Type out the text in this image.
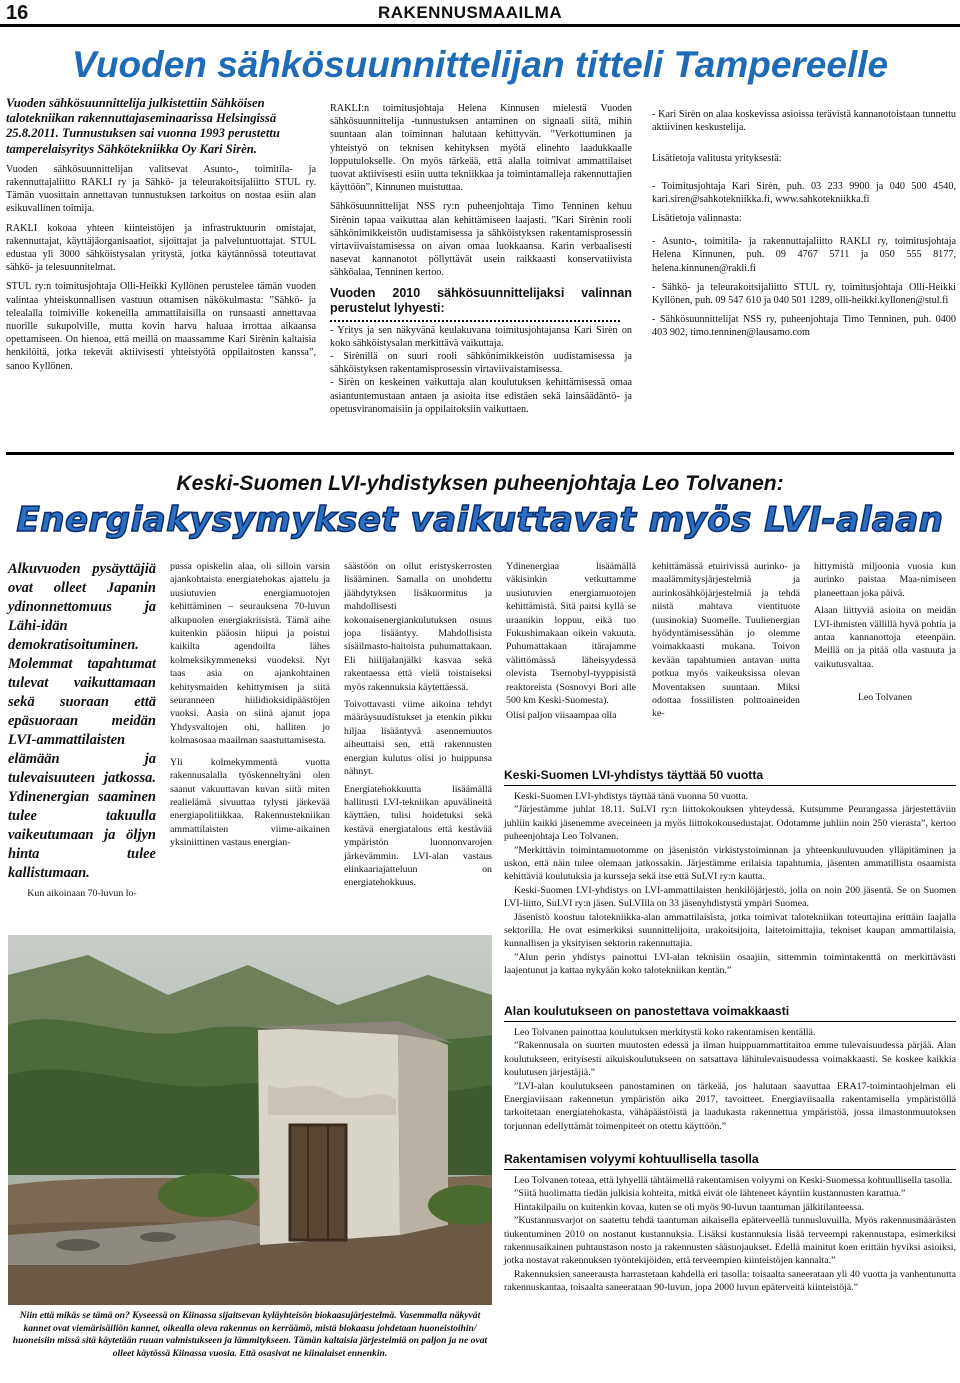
16	RAKENNUSMAAILMA
Vuoden sähkösuunnittelijan titteli Tampereelle

Vuoden sähkösuunnittelija julkistettiin Sähköisen talotekniikan rakennuttajaseminaarissa Helsingissä 25.8.2011. Tunnustuksen sai vuonna 1993 perustettu tamperelaisyritys Sähkötekniikka Oy Kari Sirèn.

Vuoden sähkösuunnittelijan valitsevat Asunto-, toimitila- ja rakennuttajaliitto RAKLI ry ja Sähkö- ja teleurakoitsijaliitto STUL ry. Tämän vuosittain annettavan tunnustuksen tarkoitus on nostaa esiin alan esikuvallinen toimija.

RAKLI kokoaa yhteen kiinteistöjen ja infrastruktuurin omistajat, rakennuttajat, käyttäjäorganisaatiot, sijoittajat ja palveluntuottajat. STUL edustaa yli 3000 sähköistysalan yritystä, jotka käytännössä toteuttavat sähkö- ja telesuunnitelmat.

STUL ry:n toimitusjohtaja Olli-Heikki Kyllönen perustelee tämän vuoden valintaa yhteiskunnallisen vastuun ottamisen näkökulmasta: ”Sähkö- ja telealalla toimiville kokeneilla ammattilaisilla on runsaasti annettavaa nuorille sukupolville, mutta kovin harva haluaa irrottaa aikaansa opettamiseen. On hienoa, että meillä on maassamme Kari Sirènin kaltaisia henkilöitä, jotka tekevät aktiivisesti yhteistyötä oppilaitosten kanssa”, sanoo Kyllönen.

RAKLI:n toimitusjohtaja Helena Kinnusen mielestä Vuoden sähkösuunnittelija -tunnustuksen antaminen on signaali siitä, mihin suuntaan alan toiminnan halutaan kehittyvän. ”Verkottuminen ja yhteistyö on teknisen kehityksen myötä elinehto laadukkaalle lopputulokselle. On myös tärkeää, että alalla toimivat ammattilaiset tuovat aktiivisesti esiin uutta tekniikkaa ja toimintamalleja rakennuttajien käyttöön”, Kinnunen muistuttaa.

Sähkösuunnittelijat NSS ry:n puheenjohtaja Timo Tenninen kehuu Sirènin tapaa vaikuttaa alan kehittämiseen laajasti. ”Kari Sirènin rooli sähkönimikkeistön uudistamisessa ja sähköistyksen rakentamisprosessin virtaviivaistamisessa on aivan omaa luokkaansa. Karin verbaalisesti nasevat kannanotot pöllyttävät usein raikkaasti konservatiivista sähköalaa, Tenninen kertoo.

Vuoden 2010 sähkösuunnittelijaksi valinnan perustelut lyhyesti:

- Yritys ja sen näkyvänä keulakuvana toimitusjohtajansa Kari Sirèn on koko sähköistysalan merkittävä vaikuttaja.

- Sirènillä on suuri rooli sähkönimikkeistön uudistamisessa ja sähköistyksen rakentamisprosessin virtaviivaistamisessa.

- Sirèn on keskeinen vaikuttaja alan koulutuksen kehittämisessä omaa asiantuntemustaan antaen ja asioita itse edistäen sekä lainsäädäntö- ja opetusviranomaisiin ja oppilaitoksiin vaikuttaen.

- Kari Sirèn on alaa koskevissa asioissa terävistä kannanotoistaan tunnettu aktiivinen keskustelija.

Lisätietoja valitusta yrityksestä:

- Toimitusjohtaja Kari Sirèn, puh. 03 233 9900 ja 040 500 4540, kari.siren@sahkotekniikka.fi, www.sahkotekniikka.fi

Lisätietoja valinnasta:

- Asunto-, toimitila- ja rakennuttajaliitto RAKLI ry, toimitusjohtaja Helena Kinnunen, puh. 09 4767 5711 ja 050 555 8177, helena.kinnunen@rakli.fi

- Sähkö- ja teleurakoitsijaliitto STUL ry, toimitusjohtaja Olli-Heikki Kyllönen, puh. 09 547 610 ja 040 501 1289, olli-heikki.kyllonen@stul.fi

- Sähkösuunnittelijat NSS ry, puheenjohtaja Timo Tenninen, puh. 0400 403 902, timo.tenninen@lausamo.com

Keski-Suomen LVI-yhdistyksen puheenjohtaja Leo Tolvanen:
Energiakysymykset vaikuttavat myös LVI-alaan

Alkuvuoden pysäyttäjiä ovat olleet Japanin ydinonnettomuus ja Lähi-idän demokratisoituminen. Molemmat tapahtumat tulevat vaikuttamaan sekä suoraan että epäsuoraan meidän LVI-ammattilaisten elämään ja tulevaisuuteen jatkossa. Ydinenergian saaminen tulee takuulla vaikeutumaan ja öljyn hinta tulee kallistumaan.

Kun aikoinaan 70-luvun lo-

pussa opiskelin alaa, oli silloin varsin ajankohtaista energiatehokas ajattelu ja uusiutuvien energiamuotojen kehittäminen – seurauksena 70-luvun alkupuolen energiakriisistä. Tämä aihe kuitenkin pääosin hiipui ja poistui kaikilta agendoilta lähes kolmeksikymmeneksi vuodeksi. Nyt taas asia on ajankohtainen kehitysmaiden kehittymisen ja siitä seuranneen hiilidioksidipäästöjen vuoksi. Aasia on siinä ajanut jopa Yhdysvaltojen ohi, halliten jo kolmasosaa maailman saastuttamisesta.

Yli kolmekymmentä vuotta rakennusalalla työskenneltyäni olen saanut vakuuttavan kuvan siitä miten realielämä sivuuttaa tylysti järkevää energiapolitiikkaa. Rakennustekniikan ammattilaisten viime-aikainen yksiniittinen vastaus energian-

säästöön on ollut eristyskerrosten lisääminen. Samalla on unohdettu jäähdytyksen lisäkuormitus ja mahdollisesti kokonaisenergiankulutuksen osuus jopa lisääntyy. Mahdollisista sisäilmasto-haitoista puhumattakaan. Eli hiilijalanjälki kasvaa sekä rakentaessa että vielä toistaiseksi myös rakennuksia käytettäessä.

Toivottavasti viime aikoina tehdyt määräysuudistukset ja etenkin pikku hiljaa lisääntyvä asennemuutos aiheuttaisi sen, että rakennusten energian kulutus olisi jo huippunsa nähnyt.

Energiatehokkuutta lisäämällä hallitusti LVI-tekniikan apuvälineitä käyttäen, tulisi hoidetuksi sekä kestävä energiatalous että kestävää ympäristön luonnonvarojen järkevämmin. LVI-alan vastaus elinkaariajatteluun on energiatehokkuus.

Ydinenergiaa lisäämällä väkisinkin vetkuttamme uusiutuvien energiamuotojen kehittämistä. Sitä paitsi kyllä se uraanikin loppuu, eikä tuo Fukushimakaan oikein vakuuta. Puhumattakaan itärajamme välittömässä läheisyydessä olevista Tsernobyl-tyyppisistä reaktoreista (Sosnovyi Bori alle 500 km Keski-Suomesta).

Olisi paljon viisaampaa olla

kehittämässä etuirivissä aurinko- ja maalämmitysjärjestelmiä ja aurinkosähköjärjestelmiä ja tehdä niistä mahtava vientituote (uusinokia) Suomelle. Tuulienergian hyödyntämisessähän jo olemme voimakkaasti mukana. Toivon kevään tapahtumien antavan uutta potkua myös vaikeuksissa olevan Moventaksen suuntaan. Miksi odottaa fossiilisten polttoaineiden ke-

hittymistä miljoonia vuosia kun aurinko paistaa Maa-nimiseen planeettaan joka päivä.

Alaan liittyviä asioita on meidän LVI-ihmisten vällillä hyvä pohtia ja antaa kannanottoja eteenpäin. Meillä on ja pitää olla vastuuta ja vaikutusvaltaa.

Leo Tolvanen

Keski-Suomen LVI-yhdistys täyttää 50 vuotta

Keski-Suomen LVI-yhdistys täyttää tänä vuonna 50 vuotta.

”Järjestämme juhlat 18.11. SuLVI ry:n liittokokouksen yhteydessä. Kutsumme Peurangassa järjestettäviin juhliin kaikki jäsenemme aveceineen ja myös liittokokousedustajat. Odotamme juhliin noin 250 vierasta”, kertoo puheenjohtaja Leo Tolvanen.

”Merkittävin toimintamuotomme on jäsenistön virkistystoiminnan ja yhteenkuuluvuuden ylläpitäminen ja uskon, että näin tulee olemaan jatkossakin. Järjestämme erilaisia tapahtumia, jäsenten ammatillista osaamista kehittäviä koulutuksia ja kursseja sekä itse että SuLVI ry:n kautta.

Keski-Suomen LVI-yhdistys on LVI-ammattilaisten henkilöjärjestö, jolla on noin 200 jäsentä. Se on Suomen LVI-liitto, SuLVI ry:n jäsen. SuLVIlla on 33 jäsenyhdistystä ympäri Suomea.

Jäsenistö koostuu talotekniikka-alan ammattilaisista, jotka toimivat talotekniikan toteuttajina erittäin laajalla sektorilla. He ovat esimerkiksi suunnittelijoita, urakoitsijoita, laitetoimittajia, tekniset kaupan ammattilaisia, kunnallisen ja yksityisen sektorin rakennuttajia.

”Alun perin yhdistys painottui LVI-alan teknisiin osaajiin, sittemmin toimintakenttä on merkittävästi laajentunut ja kattaa nykyään koko talotekniikan kentän.”

Alan koulutukseen on panostettava voimakkaasti

Leo Tolvanen painottaa koulutuksen merkitystä koko rakentamisen kentällä.

”Rakennusala on suurten muutosten edessä ja ilman huippuammattitaitoa emme tulevaisuudessa pärjää. Alan koulutukseen, erityisesti aikuiskoulutukseen on satsattava lähitulevaisuudessa voimakkaasti. Se koskee kaikkia koulutusen järjestäjiä.”

”LVI-alan koulutukseen panostaminen on tärkeää, jos halutaan saavuttaa ERA17-toimintaohjelman eli Energiaviisaan rakennetun ympäristön aika 2017, tavoitteet. Energiaviisaalla rakentamisella ympäristöllä tarkoitetaan energiatehokasta, vähäpäästöistä ja laadukasta rakennettua ympäristöä, jossa ilmastonmuutoksen torjunnan edellyttämät toimenpiteet on otettu käyttöön.”

Rakentamisen volyymi kohtuullisella tasolla

Leo Tolvanen toteaa, että lyhyellä tähtäimellä rakentamisen volyymi on Keski-Suomessa kohtuullisella tasolla.

”Siitä huolimatta tiedän julkisia kohteita, mitkä eivät ole lähteneet käyntiin kustannusten karattua.”

Hintakilpailu on kuitenkin kovaa, kuten se oli myös 90-luvun taantuman jälkitilanteessa.

”Kustannusvarjot on saatettu tehdä taantuman aikaisella epäterveellä tunnusluvuilla. Myös rakennusmäärästen tiukentuminen 2010 on nostanut kustannuksia. Lisäksi kustannuksia lisää terveempi rakennustapa, esimerkiksi rakennusaikainen puhtaustason nosto ja rakennusten sääsuojaukset. Edellä mainitut koen erittäin hyviksi asioiksi, jotka nostavat rakennuksen työntekijöiden, että terveempien kiinteistöjen kannalta.”

Rakennuksien saneerausta harrastetaan kahdella eri tasolla: toisaalta saneerataan yli 40 vuotta ja vanhentunutta rakennuskantaa, toisaalta saneerataan 90-luvun, jopa 2000 luvun epäterveitä kiinteistöjä.”

Niin että mikäs se tämä on? Kyseessä on Kiinassa sijaitsevan kyläyhteisön biokaasujärjestelmä. Vasemmalla näkyvät kannet ovat viemärisäiliön kannet, oikealla oleva rakennus on kerräämö, mistä biokaasu johdetaan huoneistoihin/ huoneisiin missä sitä käytetään ruuan valmistukseen ja lämmitykseen. Tämän kaltaisia järjestelmiä on paljon ja ne ovat olleet käytössä Kiinassa vuosia. Että osasivat ne kiinalaiset ennenkin.
